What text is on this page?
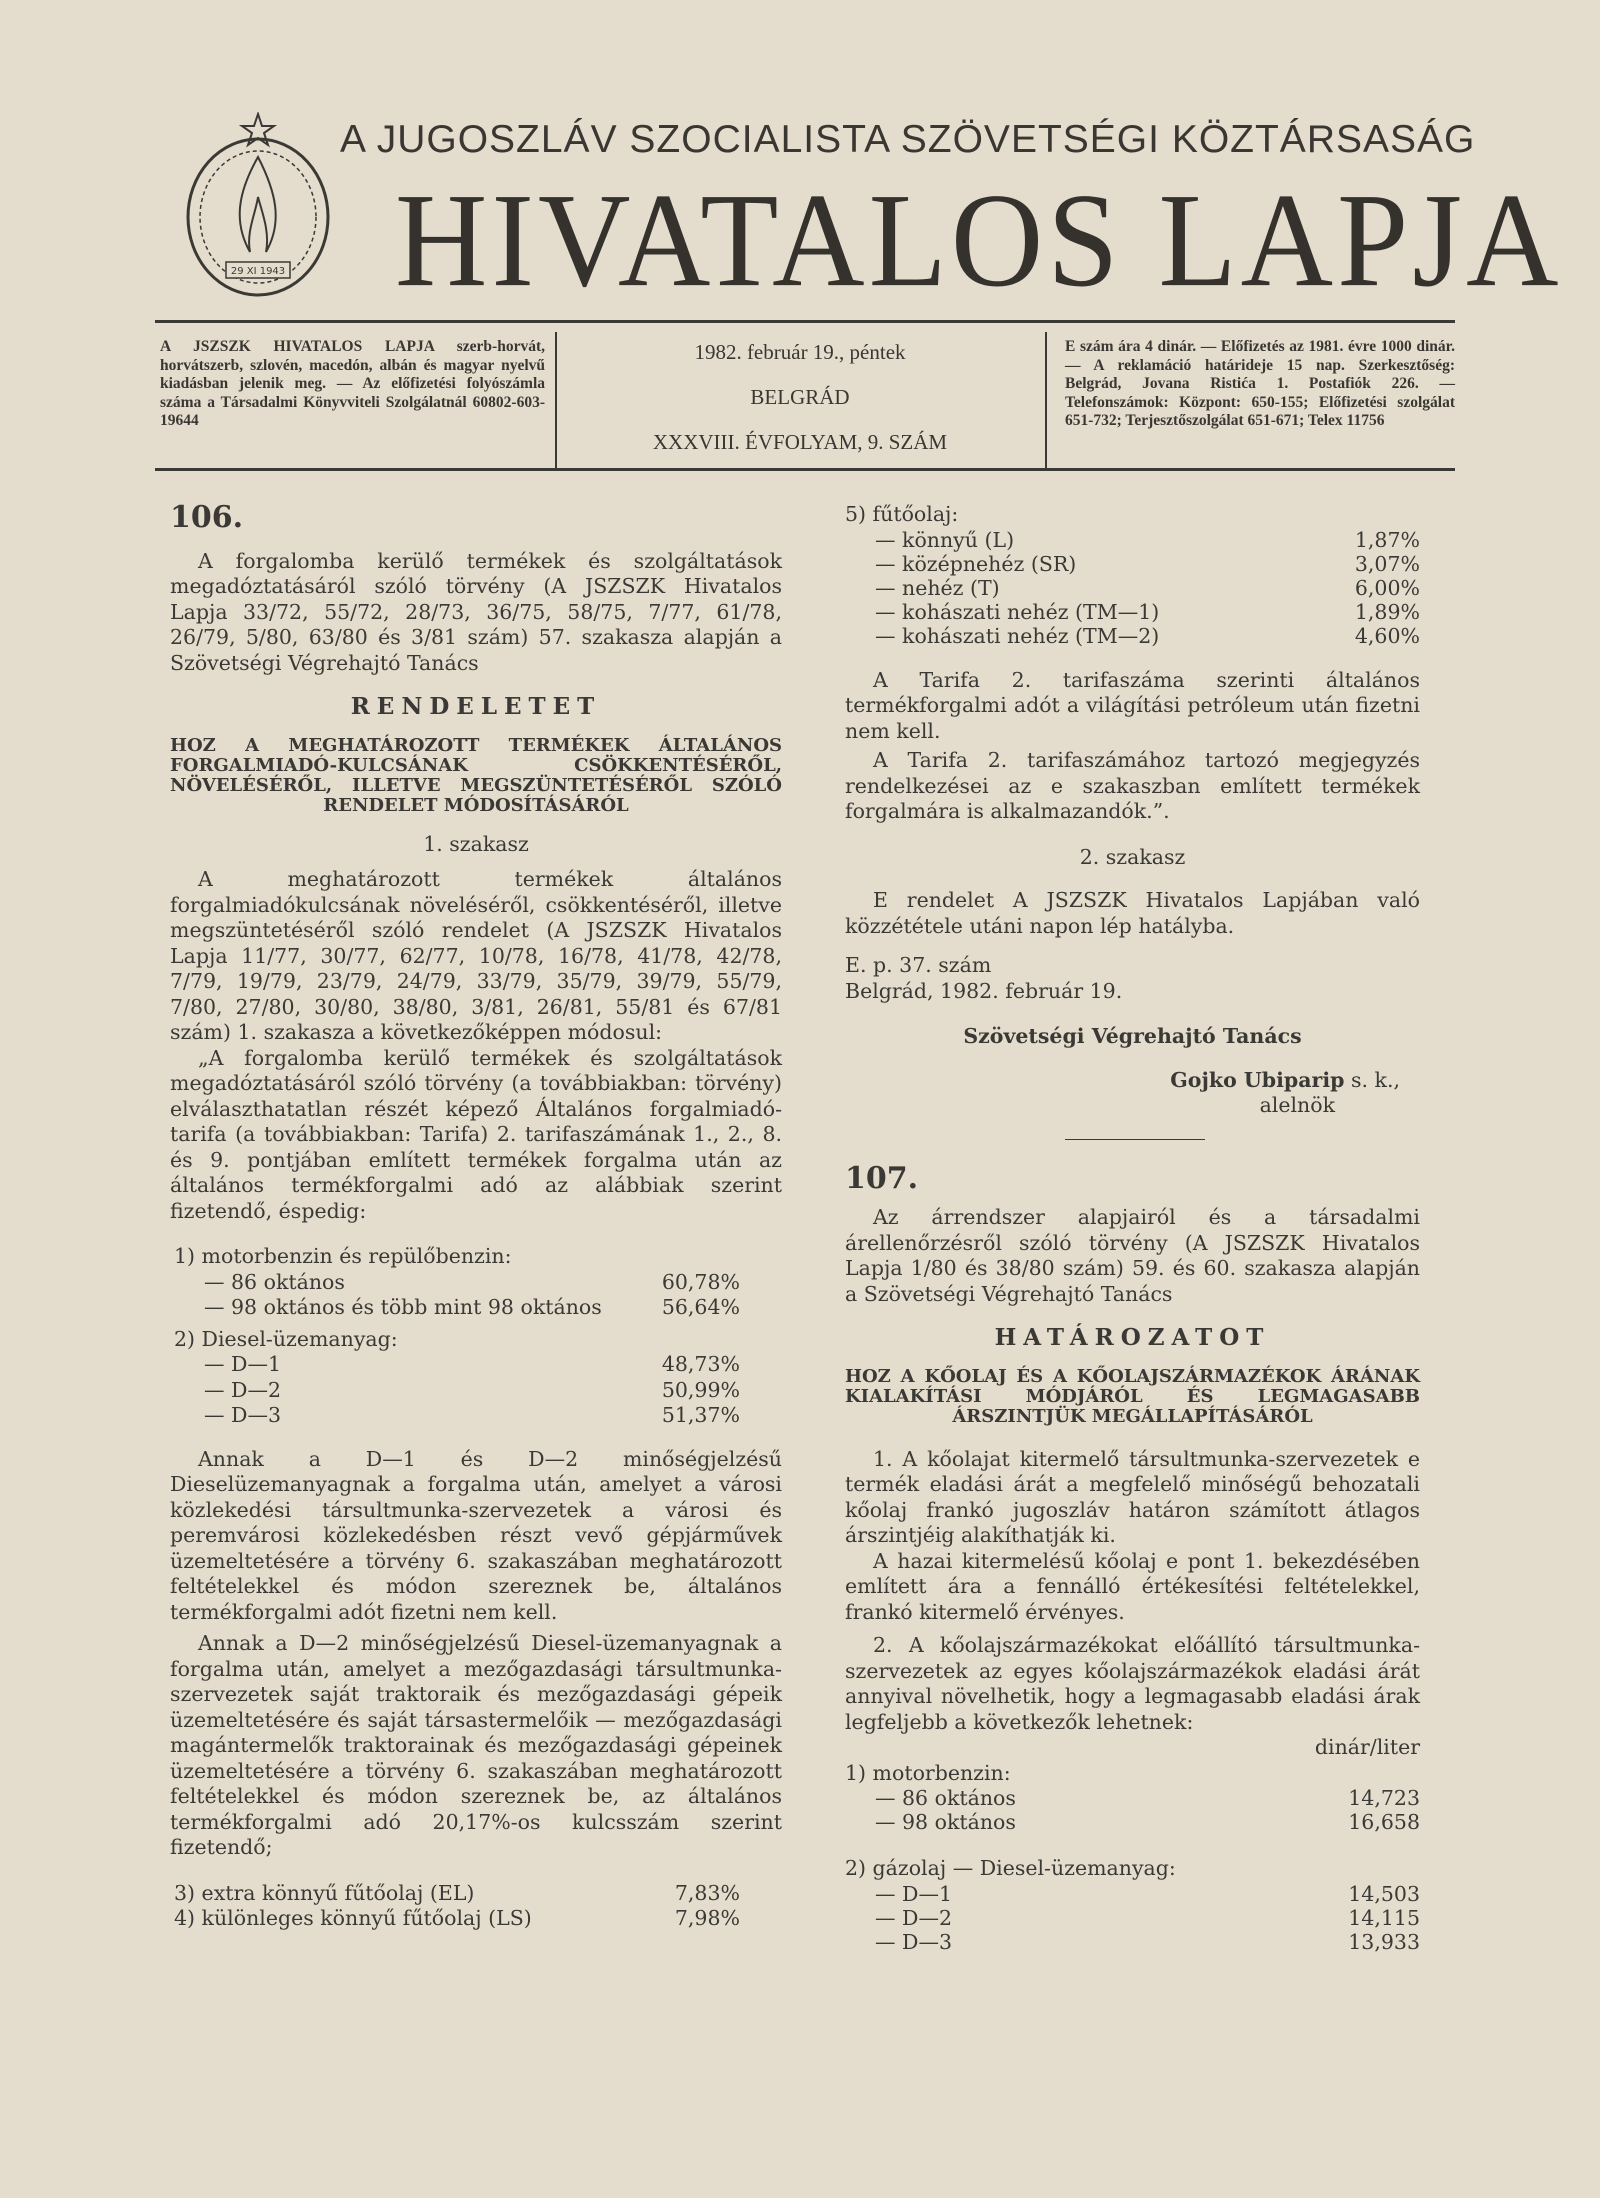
29 XI 1943
A JUGOSZLÁV SZOCIALISTA SZÖVETSÉGI KÖZTÁRSASÁG
HIVATALOS LAPJA
A JSZSZK HIVATALOS LAPJA szerb-horvát, horvátszerb, szlovén, macedón, albán és magyar nyelvű kiadásban jelenik meg. — Az előfizetési folyószámla száma a Társadalmi Könyvviteli Szolgálatnál 60802-603-19644
1982. február 19., péntek
BELGRÁD
XXXVIII. ÉVFOLYAM, 9. SZÁM
E szám ára 4 dinár. — Előfizetés az 1981. évre 1000 dinár. — A reklamáció határideje 15 nap. Szerkesztőség: Belgrád, Jovana Ristića 1. Postafiók 226. — Telefonszámok: Központ: 650-155; Előfizetési szolgálat 651-732; Terjesztőszolgálat 651-671; Telex 11756

106.

A forgalomba kerülő termékek és szolgáltatások megadóztatásáról szóló törvény (A JSZSZK Hivatalos Lapja 33/72, 55/72, 28/73, 36/75, 58/75, 7/77, 61/78, 26/79, 5/80, 63/80 és 3/81 szám) 57. szakasza alapján a Szövetségi Végrehajtó Tanács

RENDELETET

HOZ A MEGHATÁROZOTT TERMÉKEK ÁLTALÁNOS FORGALMIADÓ-KULCSÁNAK CSÖKKENTÉSÉRŐL, NÖVELÉSÉRŐL, ILLETVE MEGSZÜNTETÉSÉRŐL SZÓLÓ RENDELET MÓDOSÍTÁSÁRÓL

1. szakasz

A meghatározott termékek általános forgalmiadókulcsának növeléséről, csökkentéséről, illetve megszüntetéséről szóló rendelet (A JSZSZK Hivatalos Lapja 11/77, 30/77, 62/77, 10/78, 16/78, 41/78, 42/78, 7/79, 19/79, 23/79, 24/79, 33/79, 35/79, 39/79, 55/79, 7/80, 27/80, 30/80, 38/80, 3/81, 26/81, 55/81 és 67/81 szám) 1. szakasza a következőképpen módosul:

„A forgalomba kerülő termékek és szolgáltatások megadóztatásáról szóló törvény (a továbbiakban: törvény) elválaszthatatlan részét képező Általános forgalmiadó-tarifa (a továbbiakban: Tarifa) 2. tarifaszámának 1., 2., 8. és 9. pontjában említett termékek forgalma után az általános termékforgalmi adó az alábbiak szerint fizetendő, éspedig:

1) motorbenzin és repülőbenzin:
— 86 oktános	60,78%
— 98 oktános és több mint 98 oktános	56,64%
2) Diesel-üzemanyag:
— D—1	48,73%
— D—2	50,99%
— D—3	51,37%

Annak a D—1 és D—2 minőségjelzésű Dieselüzemanyagnak a forgalma után, amelyet a városi közlekedési társultmunka-szervezetek a városi és peremvárosi közlekedésben részt vevő gépjárművek üzemeltetésére a törvény 6. szakaszában meghatározott feltételekkel és módon szereznek be, általános termékforgalmi adót fizetni nem kell.

Annak a D—2 minőségjelzésű Diesel-üzemanyagnak a forgalma után, amelyet a mezőgazdasági társultmunka-szervezetek saját traktoraik és mezőgazdasági gépeik üzemeltetésére és saját társastermelőik — mezőgazdasági magántermelők traktorainak és mezőgazdasági gépeinek üzemeltetésére a törvény 6. szakaszában meghatározott feltételekkel és módon szereznek be, az általános termékforgalmi adó 20,17%-os kulcsszám szerint fizetendő;

3) extra könnyű fűtőolaj (EL)	7,83%
4) különleges könnyű fűtőolaj (LS)	7,98%
5) fűtőolaj:
— könnyű (L)	1,87%
— középnehéz (SR)	3,07%
— nehéz (T)	6,00%
— kohászati nehéz (TM—1)	1,89%
— kohászati nehéz (TM—2)	4,60%

A Tarifa 2. tarifaszáma szerinti általános termékforgalmi adót a világítási petróleum után fizetni nem kell.

A Tarifa 2. tarifaszámához tartozó megjegyzés rendelkezései az e szakaszban említett termékek forgalmára is alkalmazandók.”.

2. szakasz

E rendelet A JSZSZK Hivatalos Lapjában való közzététele utáni napon lép hatályba.

E. p. 37. szám

Belgrád, 1982. február 19.

Szövetségi Végrehajtó Tanács

Gojko Ubiparip s. k.,

alelnök

107.

Az árrendszer alapjairól és a társadalmi árellenőrzésről szóló törvény (A JSZSZK Hivatalos Lapja 1/80 és 38/80 szám) 59. és 60. szakasza alapján a Szövetségi Végrehajtó Tanács

HATÁROZATOT

HOZ A KŐOLAJ ÉS A KŐOLAJSZÁRMAZÉKOK ÁRÁNAK KIALAKÍTÁSI MÓDJÁRÓL ÉS LEGMAGASABB ÁRSZINTJÜK MEGÁLLAPÍTÁSÁRÓL

1. A kőolajat kitermelő társultmunka-szervezetek e termék eladási árát a megfelelő minőségű behozatali kőolaj frankó jugoszláv határon számított átlagos árszintjéig alakíthatják ki.

A hazai kitermelésű kőolaj e pont 1. bekezdésében említett ára a fennálló értékesítési feltételekkel, frankó kitermelő érvényes.

2. A kőolajszármazékokat előállító társultmunka-szervezetek az egyes kőolajszármazékok eladási árát annyival növelhetik, hogy a legmagasabb eladási árak legfeljebb a következők lehetnek:

dinár/liter
1) motorbenzin:
— 86 oktános	14,723
— 98 oktános	16,658
2) gázolaj — Diesel-üzemanyag:
— D—1	14,503
— D—2	14,115
— D—3	13,933
